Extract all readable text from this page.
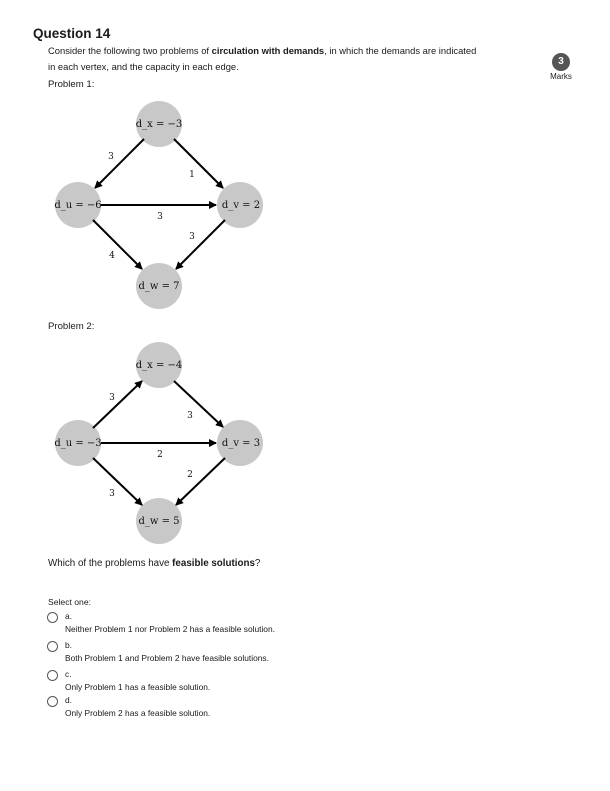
Question 14
Consider the following two problems of circulation with demands, in which the demands are indicated
in each vertex, and the capacity in each edge.	3
Marks
Problem 1:
d_x = −3
d_u = −6	d_v = 2
d_w = 7
3
1
3
4
3
Problem 2:
d_x = −4
d_u = −3	d_v = 3
d_w = 5
3
3
2
3
2
Which of the problems have feasible solutions?
Select one:
a.
Neither Problem 1 nor Problem 2 has a feasible solution.
b.
Both Problem 1 and Problem 2 have feasible solutions.
c.
Only Problem 1 has a feasible solution.
d.
Only Problem 2 has a feasible solution.
